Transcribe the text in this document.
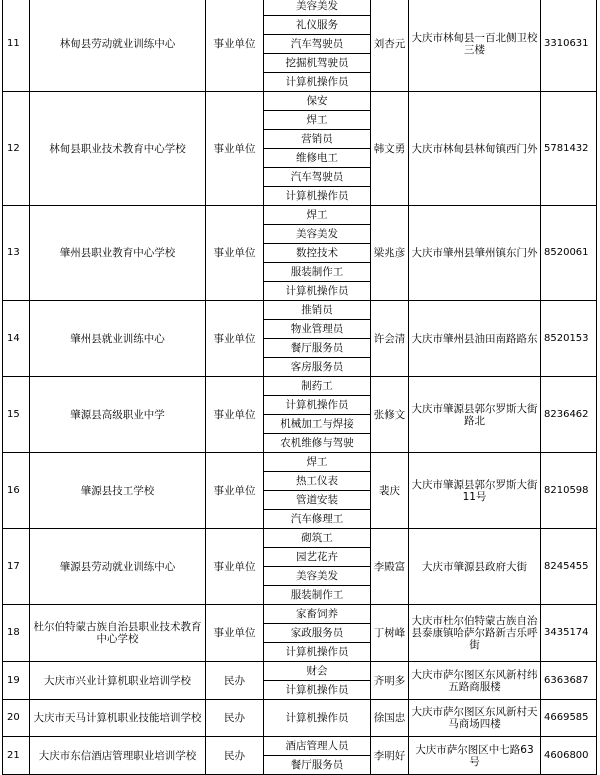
11	林甸县劳动就业训练中心	事业单位	美容美发	刘杏元	大庆市林甸县一百北侧卫校三楼	3310631
			礼仪服务			
			汽车驾驶员			
			挖掘机驾驶员			
			计算机操作员			
12	林甸县职业技术教育中心学校	事业单位	保安	韩文勇	大庆市林甸县林甸镇西门外	5781432
			焊工			
			营销员			
			维修电工			
			汽车驾驶员			
			计算机操作员			
13	肇州县职业教育中心学校	事业单位	焊工	梁兆彦	大庆市肇州县肇州镇东门外	8520061
			美容美发			
			数控技术			
			服装制作工			
			计算机操作员			
14	肇州县就业训练中心	事业单位	推销员	许会清	大庆市肇州县油田南路路东	8520153
			物业管理员			
			餐厅服务员			
			客房服务员			
15	肇源县高级职业中学	事业单位	制药工	张修文	大庆市肇源县郭尔罗斯大街路北	8236462
			计算机操作员			
			机械加工与焊接			
			农机维修与驾驶			
16	肇源县技工学校	事业单位	焊工	裴庆	大庆市肇源县郭尔罗斯大街11号	8210598
			热工仪表			
			管道安装			
			汽车修理工			
17	肇源县劳动就业训练中心	事业单位	砌筑工	李殿富	大庆市肇源县政府大街	8245455
			园艺花卉			
			美容美发			
			服装制作工			
18	杜尔伯特蒙古族自治县职业技术教育中心学校	事业单位	家畜饲养	丁树峰	大庆市杜尔伯特蒙古族自治县泰康镇哈萨尔路新吉乐呼街	3435174
			家政服务员			
			计算机操作员			
19	大庆市兴业计算机职业培训学校	民办	财会	齐明多	大庆市萨尔图区东风新村纬五路商服楼	6363687
			计算机操作员			
20	大庆市天马计算机职业技能培训学校	民办	计算机操作员	徐国忠	大庆市萨尔图区东风新村天马商场四楼	4669585
21	大庆市东信酒店管理职业培训学校	民办	酒店管理人员	李明好	大庆市萨尔图区中七路63号	4606800
			餐厅服务员			
